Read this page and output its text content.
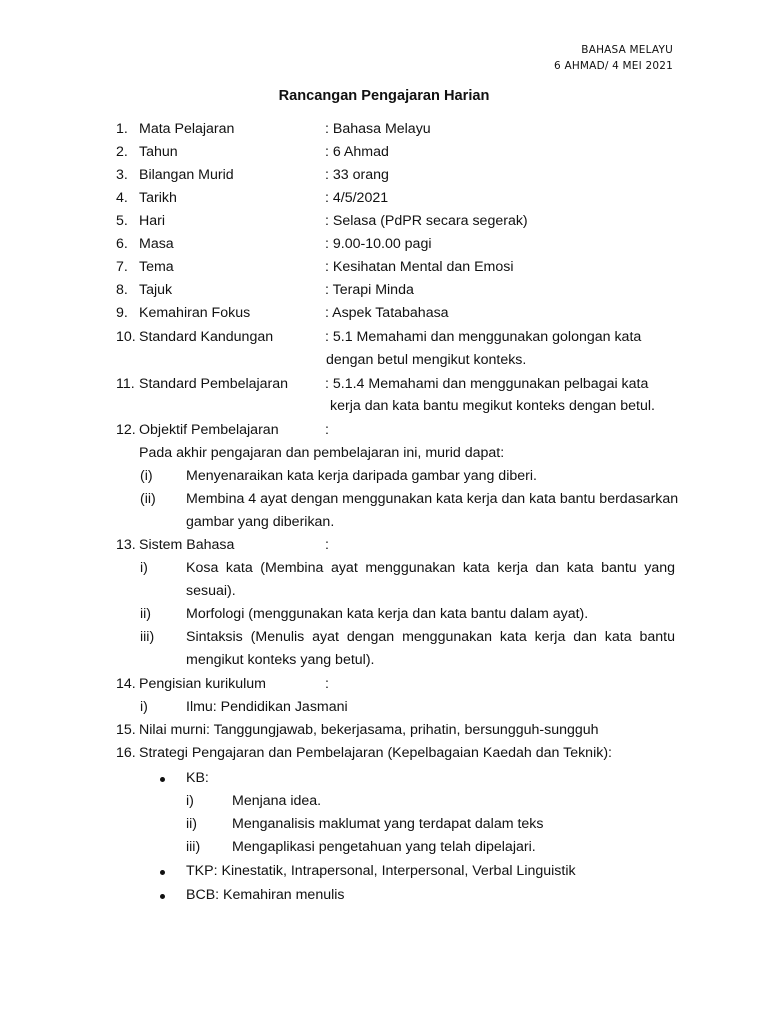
BAHASA MELAYU
6 AHMAD/ 4 MEI 2021
Rancangan Pengajaran Harian
1. Mata Pelajaran	: Bahasa Melayu
2. Tahun	: 6 Ahmad
3. Bilangan Murid	: 33 orang
4. Tarikh	: 4/5/2021
5. Hari	: Selasa (PdPR secara segerak)
6. Masa	: 9.00-10.00 pagi
7. Tema	: Kesihatan Mental dan Emosi
8. Tajuk	: Terapi Minda
9. Kemahiran Fokus	: Aspek Tatabahasa
10. Standard Kandungan	: 5.1 Memahami dan menggunakan golongan kata
dengan betul mengikut konteks.
11. Standard Pembelajaran	: 5.1.4 Memahami dan menggunakan pelbagai kata
kerja dan kata bantu megikut konteks dengan betul.
12. Objektif Pembelajaran	:
Pada akhir pengajaran dan pembelajaran ini, murid dapat:
(i) Menyenaraikan kata kerja daripada gambar yang diberi.
(ii) Membina 4 ayat dengan menggunakan kata kerja dan kata bantu berdasarkan
gambar yang diberikan.
13. Sistem Bahasa	:
i)	Kosa kata (Membina ayat menggunakan kata kerja dan kata bantu yang
sesuai).
ii) Morfologi (menggunakan kata kerja dan kata bantu dalam ayat).
iii) Sintaksis (Menulis ayat dengan menggunakan kata kerja dan kata bantu
mengikut konteks yang betul).
14. Pengisian kurikulum	:
i)	Ilmu: Pendidikan Jasmani
15. Nilai murni: Tanggungjawab, bekerjasama, prihatin, bersungguh-sungguh
16. Strategi Pengajaran dan Pembelajaran (Kepelbagaian Kaedah dan Teknik):
KB:
i)	Menjana idea.
ii) Menganalisis maklumat yang terdapat dalam teks
iii) Mengaplikasi pengetahuan yang telah dipelajari.
TKP: Kinestatik, Intrapersonal, Interpersonal, Verbal Linguistik
BCB: Kemahiran menulis
